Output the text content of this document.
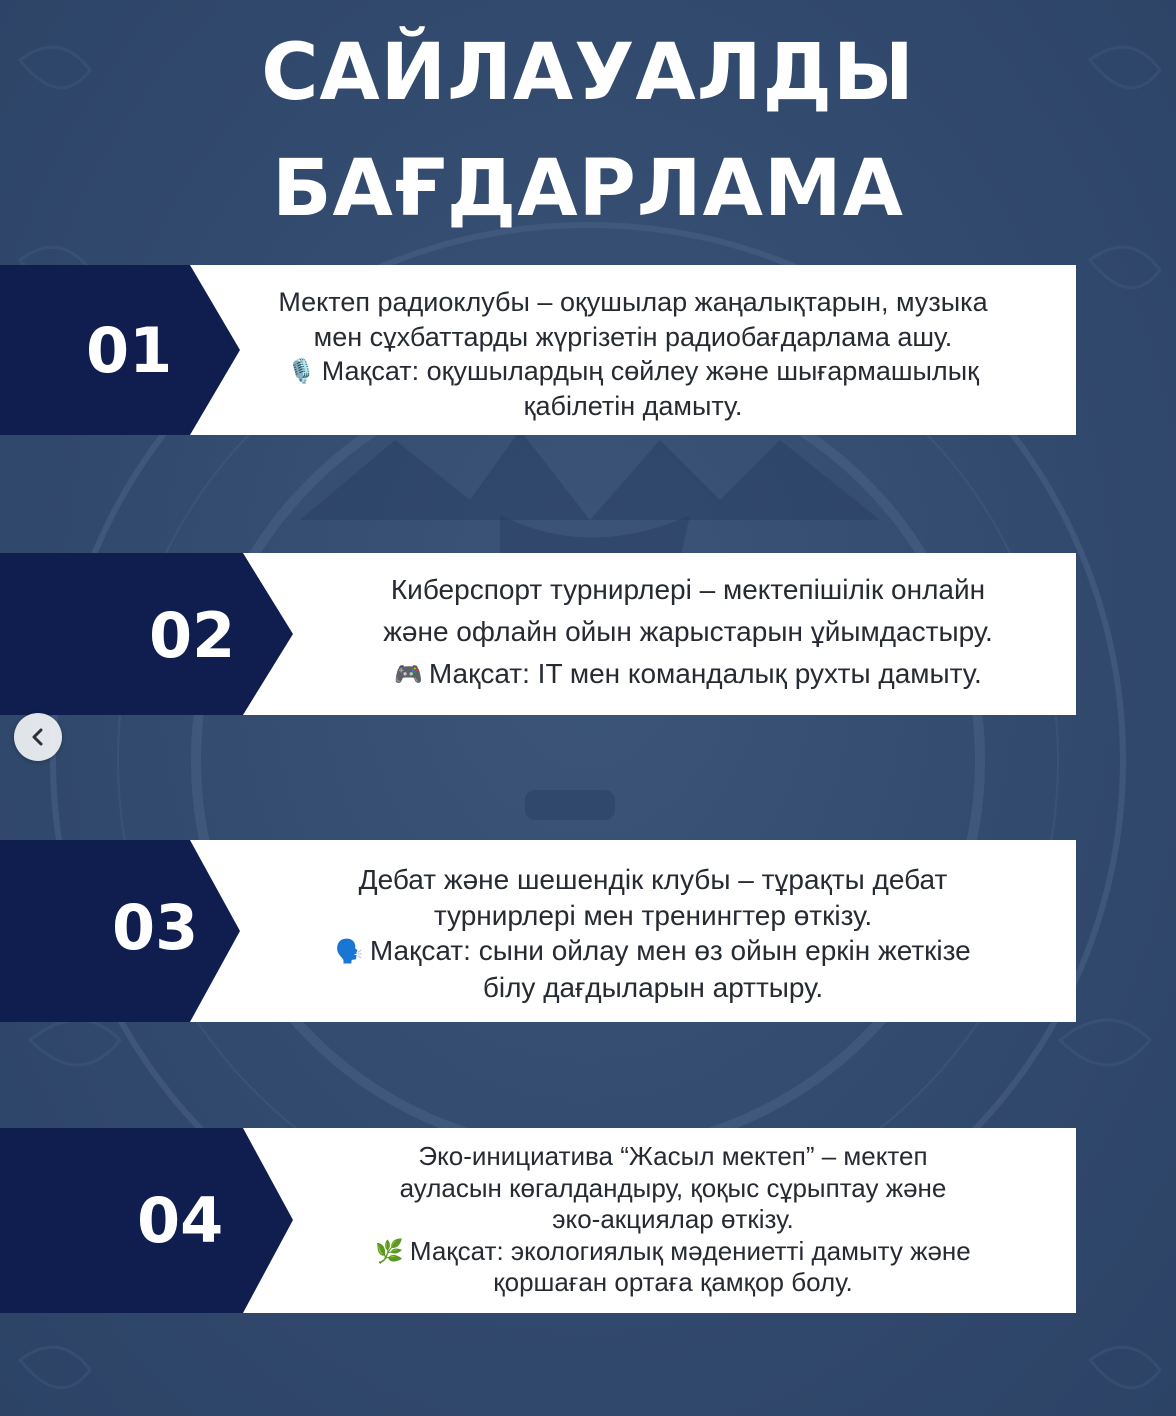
САЙЛАУАЛДЫ
БАҒДАРЛАМА
01
Мектеп радиоклубы – оқушылар жаңалықтарын, музыка
мен сұхбаттарды жүргізетін радиобағдарлама ашу.
🎙️ Мақсат: оқушылардың сөйлеу және шығармашылық
қабілетін дамыту.
02
Киберспорт турнирлері – мектепішілік онлайн
және офлайн ойын жарыстарын ұйымдастыру.
🎮 Мақсат: IT мен командалық рухты дамыту.
03
Дебат және шешендік клубы – тұрақты дебат
турнирлері мен тренингтер өткізу.
🗣️ Мақсат: сыни ойлау мен өз ойын еркін жеткізе
білу дағдыларын арттыру.
04
Эко-инициатива “Жасыл мектеп” – мектеп
ауласын көгалдандыру, қоқыс сұрыптау және
эко-акциялар өткізу.
🌿 Мақсат: экологиялық мәдениетті дамыту және
қоршаған ортаға қамқор болу.
